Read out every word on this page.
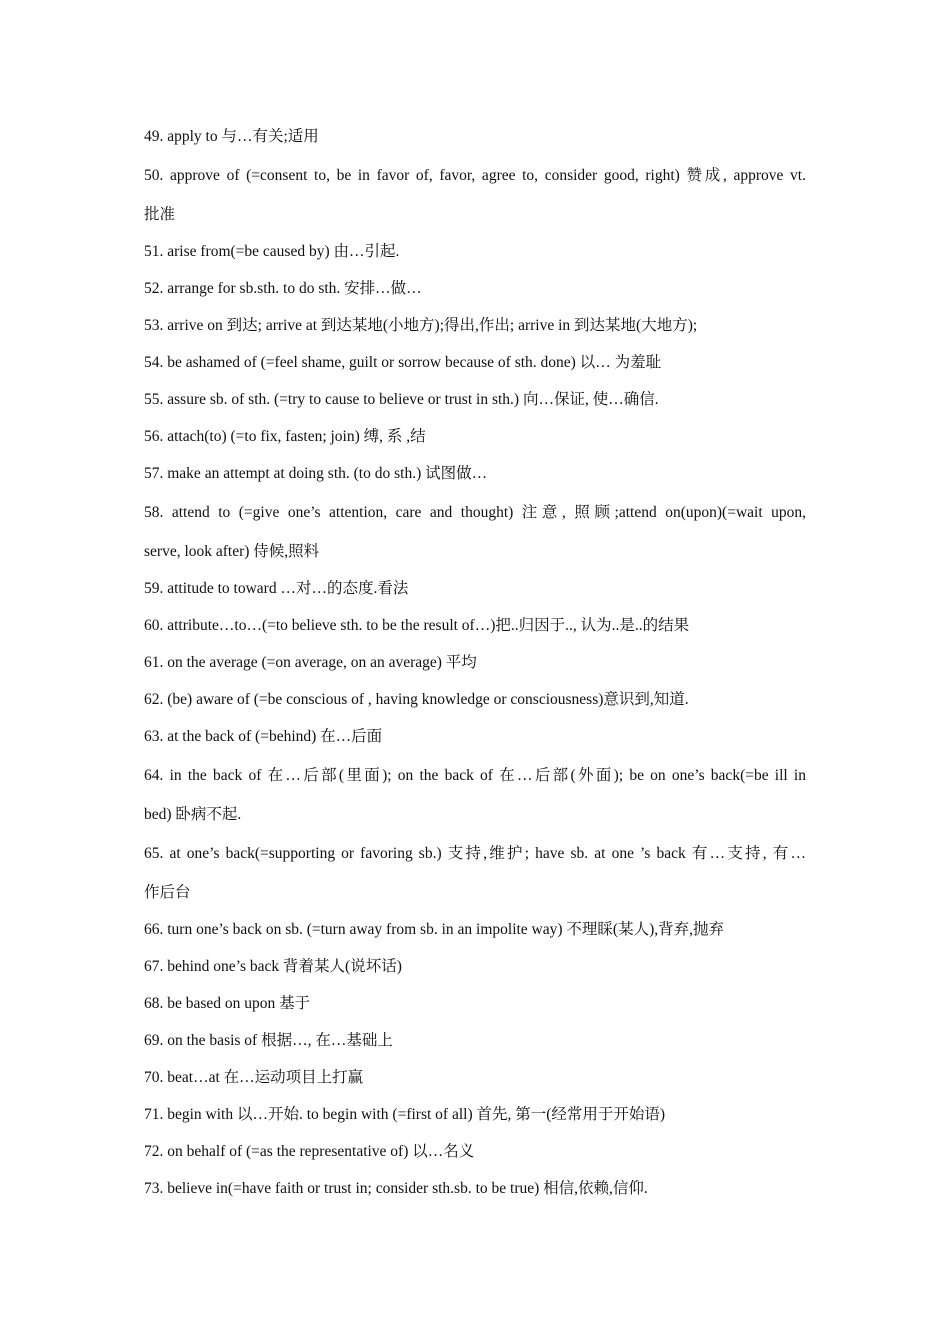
49. apply to 与…有关;适用
50. approve of (=consent to, be in favor of, favor, agree to, consider good, right) 赞成, approve vt.
批准
51. arise from(=be caused by) 由…引起.
52. arrange for sb.sth. to do sth. 安排…做…
53. arrive on 到达; arrive at 到达某地(小地方);得出,作出; arrive in 到达某地(大地方);
54. be ashamed of (=feel shame, guilt or sorrow because of sth. done) 以… 为羞耻
55. assure sb. of sth. (=try to cause to believe or trust in sth.) 向…保证, 使…确信.
56. attach(to) (=to fix, fasten; join) 缚, 系 ,结
57. make an attempt at doing sth. (to do sth.) 试图做…
58. attend to (=give one’s attention, care and thought) 注意, 照顾;attend on(upon)(=wait upon,
serve, look after) 侍候,照料
59. attitude to toward …对…的态度.看法
60. attribute…to…(=to believe sth. to be the result of…)把..归因于.., 认为..是..的结果
61. on the average (=on average, on an average) 平均
62. (be) aware of (=be conscious of , having knowledge or consciousness)意识到,知道.
63. at the back of (=behind) 在…后面
64. in the back of 在…后部(里面); on the back of 在…后部(外面); be on one’s back(=be ill in
bed) 卧病不起.
65. at one’s back(=supporting or favoring sb.) 支持,维护; have sb. at one ’s back 有…支持, 有…
作后台
66. turn one’s back on sb. (=turn away from sb. in an impolite way) 不理睬(某人),背弃,抛弃
67. behind one’s back 背着某人(说坏话)
68. be based on upon 基于
69. on the basis of 根据…, 在…基础上
70. beat…at 在…运动项目上打赢
71. begin with 以…开始. to begin with (=first of all) 首先, 第一(经常用于开始语)
72. on behalf of (=as the representative of) 以…名义
73. believe in(=have faith or trust in; consider sth.sb. to be true) 相信,依赖,信仰.
